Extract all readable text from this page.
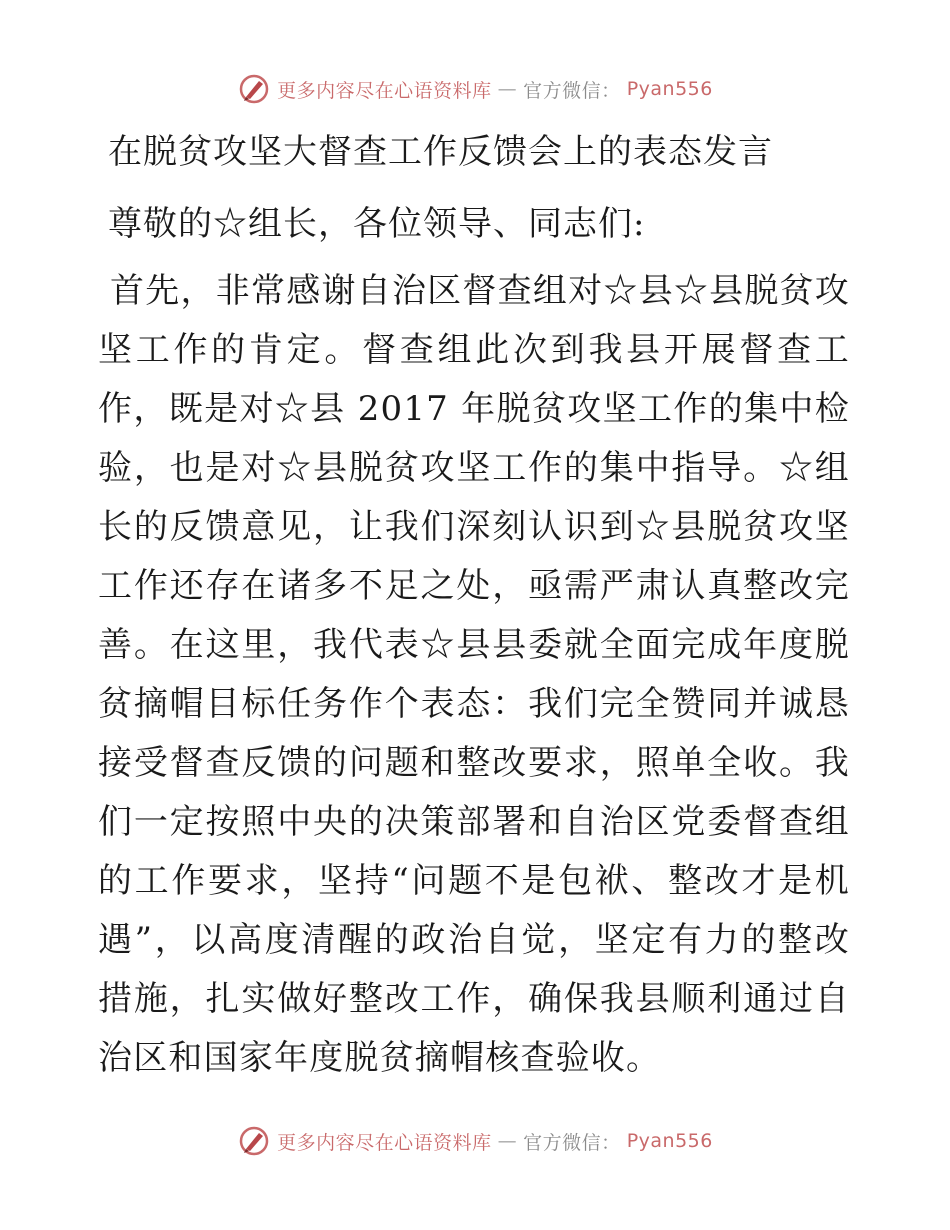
更多内容尽在心语资料库 — 官方微信： Pyan556
在脱贫攻坚大督查工作反馈会上的表态发言

尊敬的☆组长，各位领导、同志们:

首先，非常感谢自治区督查组对☆县☆县脱贫攻坚工作的肯定。督查组此次到我县开展督查工作，既是对☆县 2017 年脱贫攻坚工作的集中检验，也是对☆县脱贫攻坚工作的集中指导。☆组长的反馈意见，让我们深刻认识到☆县脱贫攻坚工作还存在诸多不足之处，亟需严肃认真整改完善。在这里，我代表☆县县委就全面完成年度脱贫摘帽目标任务作个表态：我们完全赞同并诚恳接受督查反馈的问题和整改要求，照单全收。我们一定按照中央的决策部署和自治区党委督查组的工作要求，坚持“问题不是包袱、整改才是机遇”，以高度清醒的政治自觉，坚定有力的整改措施，扎实做好整改工作，确保我县顺利通过自治区和国家年度脱贫摘帽核查验收。

更多内容尽在心语资料库 — 官方微信： Pyan556
